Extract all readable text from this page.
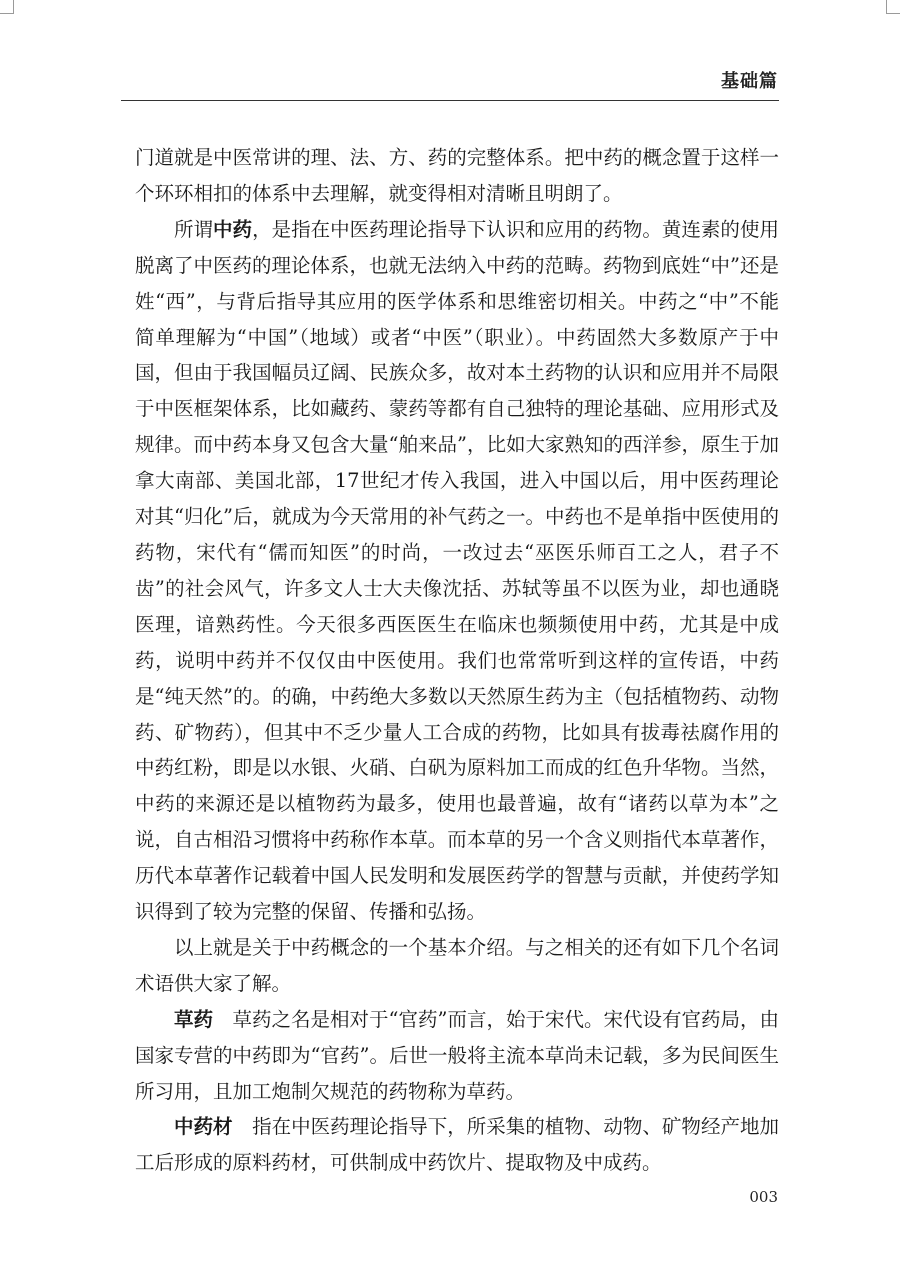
基础篇

门道就是中医常讲的理、法、方、药的完整体系。把中药的概念置于这样一个环环相扣的体系中去理解，就变得相对清晰且明朗了。

所谓中药，是指在中医药理论指导下认识和应用的药物。黄连素的使用脱离了中医药的理论体系，也就无法纳入中药的范畴。药物到底姓“中”还是姓“西”，与背后指导其应用的医学体系和思维密切相关。中药之“中”不能简单理解为“中国”（地域）或者“中医”（职业）。中药固然大多数原产于中国，但由于我国幅员辽阔、民族众多，故对本土药物的认识和应用并不局限于中医框架体系，比如藏药、蒙药等都有自己独特的理论基础、应用形式及规律。而中药本身又包含大量“舶来品”，比如大家熟知的西洋参，原生于加拿大南部、美国北部，17世纪才传入我国，进入中国以后，用中医药理论对其“归化”后，就成为今天常用的补气药之一。中药也不是单指中医使用的药物，宋代有“儒而知医”的时尚，一改过去“巫医乐师百工之人，君子不齿”的社会风气，许多文人士大夫像沈括、苏轼等虽不以医为业，却也通晓医理，谙熟药性。今天很多西医医生在临床也频频使用中药，尤其是中成药，说明中药并不仅仅由中医使用。我们也常常听到这样的宣传语，中药是“纯天然”的。的确，中药绝大多数以天然原生药为主（包括植物药、动物药、矿物药），但其中不乏少量人工合成的药物，比如具有拔毒祛腐作用的中药红粉，即是以水银、火硝、白矾为原料加工而成的红色升华物。当然，中药的来源还是以植物药为最多，使用也最普遍，故有“诸药以草为本”之说，自古相沿习惯将中药称作本草。而本草的另一个含义则指代本草著作，历代本草著作记载着中国人民发明和发展医药学的智慧与贡献，并使药学知识得到了较为完整的保留、传播和弘扬。

以上就是关于中药概念的一个基本介绍。与之相关的还有如下几个名词术语供大家了解。

草药　草药之名是相对于“官药”而言，始于宋代。宋代设有官药局，由国家专营的中药即为“官药”。后世一般将主流本草尚未记载，多为民间医生所习用，且加工炮制欠规范的药物称为草药。

中药材　指在中医药理论指导下，所采集的植物、动物、矿物经产地加工后形成的原料药材，可供制成中药饮片、提取物及中成药。

003
